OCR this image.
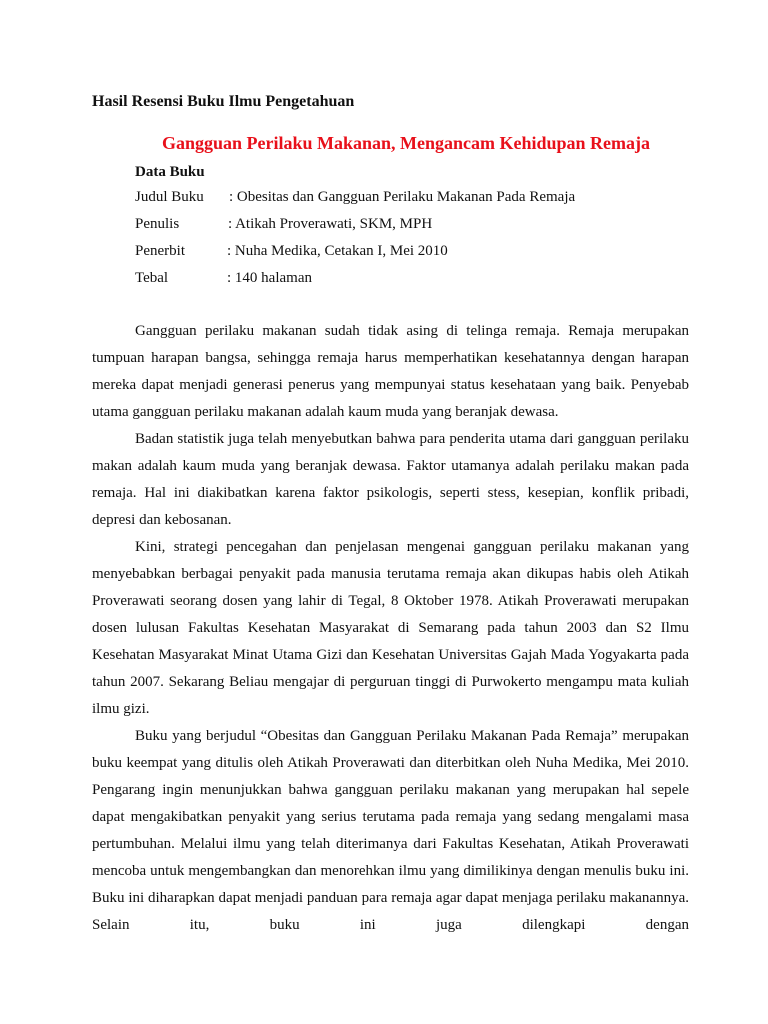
Hasil Resensi Buku Ilmu Pengetahuan
Gangguan Perilaku Makanan, Mengancam Kehidupan Remaja
Data Buku
Judul Buku : Obesitas dan Gangguan Perilaku Makanan Pada Remaja
Penulis	: Atikah Proverawati, SKM, MPH
Penerbit	: Nuha Medika, Cetakan I, Mei 2010
Tebal	: 140 halaman

Gangguan perilaku makanan sudah tidak asing di telinga remaja. Remaja merupakan tumpuan harapan bangsa, sehingga remaja harus memperhatikan kesehatannya dengan harapan mereka dapat menjadi generasi penerus yang mempunyai status kesehataan yang baik. Penyebab utama gangguan perilaku makanan adalah kaum muda yang beranjak dewasa.

Badan statistik juga telah menyebutkan bahwa para penderita utama dari gangguan perilaku makan adalah kaum muda yang beranjak dewasa. Faktor utamanya adalah perilaku makan pada remaja. Hal ini diakibatkan karena faktor psikologis, seperti stess, kesepian, konflik pribadi, depresi dan kebosanan.

Kini, strategi pencegahan dan penjelasan mengenai gangguan perilaku makanan yang menyebabkan berbagai penyakit pada manusia terutama remaja akan dikupas habis oleh Atikah Proverawati seorang dosen yang lahir di Tegal, 8 Oktober 1978. Atikah Proverawati merupakan dosen lulusan Fakultas Kesehatan Masyarakat di Semarang pada tahun 2003 dan S2 Ilmu Kesehatan Masyarakat Minat Utama Gizi dan Kesehatan Universitas Gajah Mada Yogyakarta pada tahun 2007. Sekarang Beliau mengajar di perguruan tinggi di Purwokerto mengampu mata kuliah ilmu gizi.

Buku yang berjudul “Obesitas dan Gangguan Perilaku Makanan Pada Remaja” merupakan buku keempat yang ditulis oleh Atikah Proverawati dan diterbitkan oleh Nuha Medika, Mei 2010. Pengarang ingin menunjukkan bahwa gangguan perilaku makanan yang merupakan hal sepele dapat mengakibatkan penyakit yang serius terutama pada remaja yang sedang mengalami masa pertumbuhan. Melalui ilmu yang telah diterimanya dari Fakultas Kesehatan, Atikah Proverawati mencoba untuk mengembangkan dan menorehkan ilmu yang dimilikinya dengan menulis buku ini. Buku ini diharapkan dapat menjadi panduan para remaja agar dapat menjaga perilaku makanannya. Selain itu, buku ini juga dilengkapi dengan
